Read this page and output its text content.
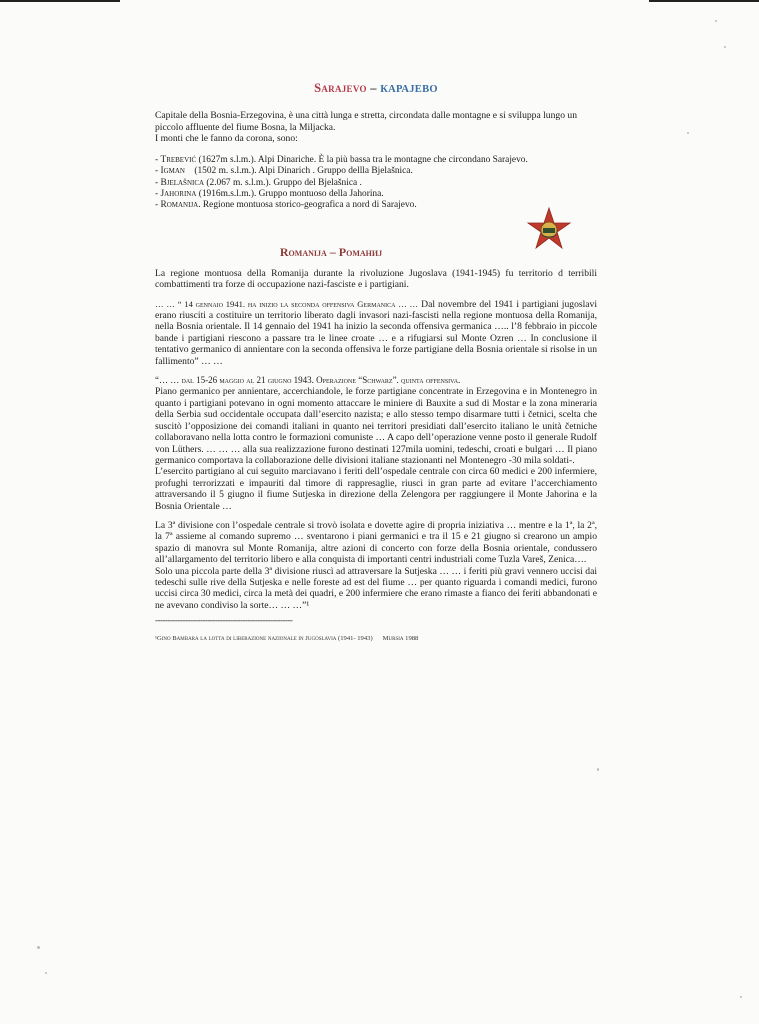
Sarajevo – КАРАЈЕВО

Capitale della Bosnia-Erzegovina, è una città lunga e stretta, circondata dalle montagne e si sviluppa lungo un piccolo affluente del fiume Bosna, la Miljacka.

I monti che le fanno da corona, sono:

- Trebević (1627m s.l.m.). Alpi Dinariche. È la più bassa tra le montagne che circondano Sarajevo.
- Igman    (1502 m. s.l.m.). Alpi Dinarich . Gruppo dellla Bjelašnica.
- Bjelašnica (2.067 m. s.l.m.). Gruppo del Bjelašnica .
- Jahorina (1916m.s.l.m.). Gruppo montuoso della Jahorina.
- Romanija. Regione montuosa storico-geografica a nord di Sarajevo.
Romanija – Романиј

La regione montuosa della Romanija durante la rivoluzione Jugoslava (1941-1945) fu territorio d terribili combattimenti tra forze di occupazione nazi-fasciste e i partigiani.

… … “ 14 gennaio 1941. ha inizio la seconda offensiva Germanica … … Dal novembre del 1941 i partigiani jugoslavi erano riusciti a costituire un territorio liberato dagli invasori nazi-fascisti nella regione montuosa della Romanija, nella Bosnia orientale. Il 14 gennaio del 1941 ha inizio la seconda offensiva germanica ….. l’8 febbraio in piccole bande i partigiani riescono a passare tra le linee croate … e a rifugiarsi sul Monte Ozren … In conclusione il tentativo germanico di annientare con la seconda offensiva le forze partigiane della Bosnia orientale si risolse in un fallimento” … …

“… … dal 15-26 maggio al 21 giugno 1943. Operazione “Schwarz”. quinta offensiva.

Piano germanico per annientare, accerchiandole, le forze partigiane concentrate in Erzegovina e in Montenegro in quanto i partigiani potevano in ogni momento attaccare le miniere di Bauxite a sud di Mostar e la zona mineraria della Serbia sud occidentale occupata dall’esercito nazista; e allo stesso tempo disarmare tutti i četnici, scelta che suscitò l’opposizione dei comandi italiani in quanto nei territori presidiati dall’esercito italiano le unità četniche collaboravano nella lotta contro le formazioni comuniste … A capo dell’operazione venne posto il generale Rudolf von Lüthers. … … … alla sua realizzazione furono destinati 127mila uomini, tedeschi, croati e bulgari … Il piano germanico comportava la collaborazione delle divisioni italiane stazionanti nel Montenegro -30 mila soldati-.

L’esercito partigiano al cui seguito marciavano i feriti dell’ospedale centrale con circa 60 medici e 200 infermiere, profughi terrorizzati e impauriti dal timore di rappresaglie, riuscì in gran parte ad evitare l’accerchiamento attraversando il 5 giugno il fiume Sutjeska in direzione della Zelengora per raggiungere il Monte Jahorina e la Bosnia Orientale …

La 3ª divisione con l’ospedale centrale si trovò isolata e dovette agire di propria iniziativa … mentre e la 1ª, la 2ª, la 7ª assieme al comando supremo … sventarono i piani germanici e tra il 15 e 21 giugno si crearono un ampio spazio di manovra sul Monte Romanija, altre azioni di concerto con forze della Bosnia orientale, condussero all’allargamento del territorio libero e alla conquista di importanti centri industriali come Tuzla Vareš, Zenica….

Solo una piccola parte della 3ª divisione riuscì ad attraversare la Sutjeska … … i feriti più gravi vennero uccisi dai tedeschi sulle rive della Sutjeska e nelle foreste ad est del fiume … per quanto riguarda i comandi medici, furono uccisi circa 30 medici, circa la metà dei quadri, e 200 infermiere che erano rimaste a fianco dei feriti abbandonati e ne avevano condiviso la sorte… … …”¹

-------------------------------------------------------
¹Gino Bambara la lotta di liberazione nazionale in Jugoslavia (1941- 1943) Mursia 1988
